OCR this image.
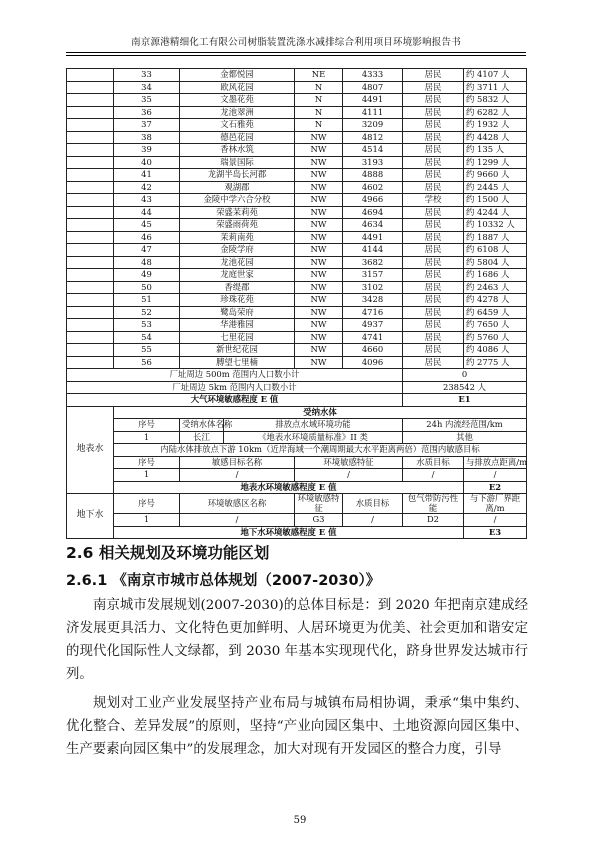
南京源港精细化工有限公司树脂装置洗涤水减排综合利用项目环境影响报告书
	33	金都悦园		NE	4333	居民	约 4107 人
	34	欧风花园		N	4807	居民	约 3711 人
	35	文墨花苑		N	4491	居民	约 5832 人
	36	龙池翠洲		N	4111	居民	约 6282 人
	37	文石雅苑		N	3209	居民	约 1932 人
	38	德邑花园		NW	4812	居民	约 4428 人
	39	香林水筑		NW	4514	居民	约 135 人
	40	瑞景国际		NW	3193	居民	约 1299 人
	41	龙湖半岛长河郡		NW	4888	居民	约 9660 人
	42	观湖郡		NW	4602	居民	约 2445 人
	43	金陵中学六合分校		NW	4966	学校	约 1500 人
	44	荣盛茉莉苑		NW	4694	居民	约 4244 人
	45	荣盛雨荷苑		NW	4634	居民	约 10332 人
	46	茉莉南苑		NW	4491	居民	约 1887 人
	47	金陵学府		NW	4144	居民	约 6108 人
	48	龙池花园		NW	3682	居民	约 5804 人
	49	龙庭世家		NW	3157	居民	约 1686 人
	50	香缇郡		NW	3102	居民	约 2463 人
	51	珍珠花苑		NW	3428	居民	约 4278 人
	52	鹭岛荣府		NW	4716	居民	约 6459 人
	53	华港雅园		NW	4937	居民	约 7650 人
	54	七里花园		NW	4741	居民	约 5760 人
	55	新世纪花园		NW	4660	居民	约 4086 人
	56	膊望七里楠		NW	4096	居民	约 2775 人
厂址周边 500m 范围内人口数小计						0	
厂址周边 5km 范围内人口数小计						238542 人	
大气环境敏感程度 E 值						E1	
地表水	受纳水体						
	序号	受纳水体名称	排放点水域环境功能			24h 内流经范围/km	
	1	长江	《地表水环境质量标准》II 类			其他	
	内陆水体排放点下游 10km（近岸海域一个潮周期最大水平距离两倍）范围内敏感目标						
	序号	敏感目标名称		环境敏感特征		水质目标	与排放点距离/m
	1	/		/		/	/
	地表水环境敏感程度 E 值						E2
地下水	序号	环境敏感区名称		环境敏感特征	水质目标	包气带防污性能	与下游厂界距离/m
	1	/		G3	/	D2	/
	地下水环境敏感程度 E 值						E3
2.6 相关规划及环境功能区划
2.6.1 《南京市城市总体规划（2007-2030）》

南京城市发展规划(2007-2030)的总体目标是：到 2020 年把南京建成经济发展更具活力、文化特色更加鲜明、人居环境更为优美、社会更加和谐安定的现代化国际性人文绿都，到 2030 年基本实现现代化，跻身世界发达城市行列。

规划对工业产业发展坚持产业布局与城镇布局相协调，秉承“集中集约、优化整合、差异发展”的原则，坚持“产业向园区集中、土地资源向园区集中、生产要素向园区集中”的发展理念，加大对现有开发园区的整合力度，引导

59
